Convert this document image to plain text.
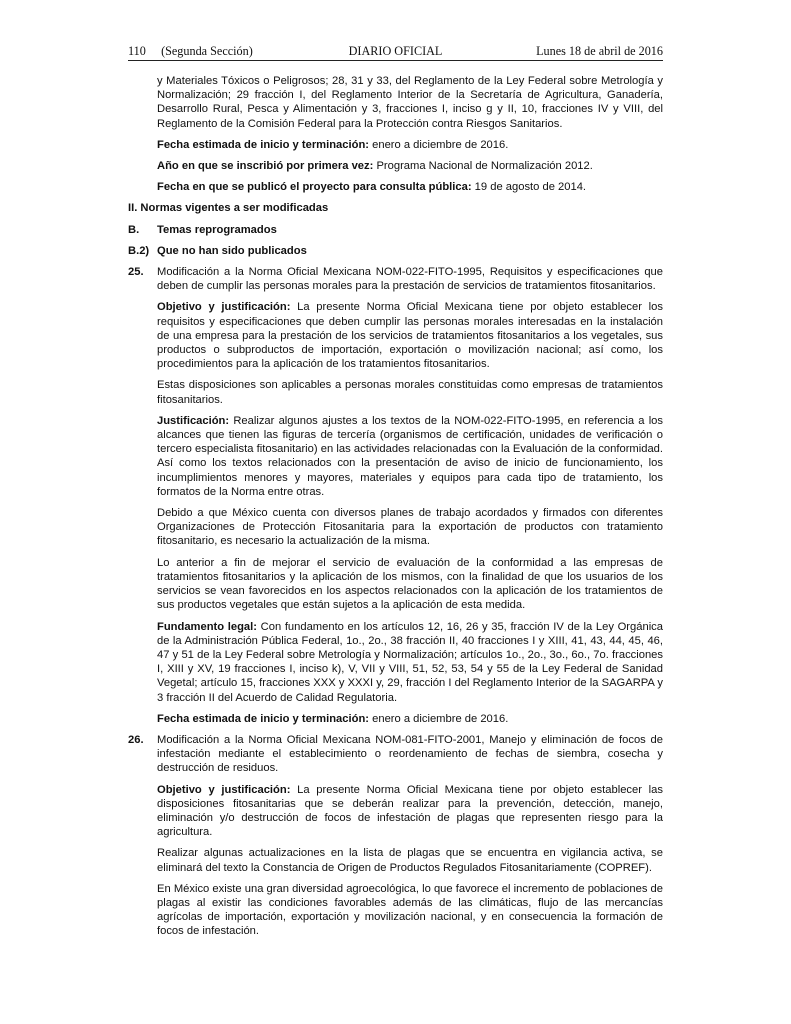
110     (Segunda Sección)	DIARIO OFICIAL	Lunes 18 de abril de 2016

y Materiales Tóxicos o Peligrosos; 28, 31 y 33, del Reglamento de la Ley Federal sobre Metrología y Normalización; 29 fracción I, del Reglamento Interior de la Secretaría de Agricultura, Ganadería, Desarrollo Rural, Pesca y Alimentación y 3, fracciones I, inciso g y II, 10, fracciones IV y VIII, del Reglamento de la Comisión Federal para la Protección contra Riesgos Sanitarios.

Fecha estimada de inicio y terminación: enero a diciembre de 2016.

Año en que se inscribió por primera vez: Programa Nacional de Normalización 2012.

Fecha en que se publicó el proyecto para consulta pública: 19 de agosto de 2014.

II. Normas vigentes a ser modificadas
B.	Temas reprogramados
B.2) Que no han sido publicados
25.	Modificación a la Norma Oficial Mexicana NOM-022-FITO-1995, Requisitos y especificaciones que deben de cumplir las personas morales para la prestación de servicios de tratamientos fitosanitarios.

Objetivo y justificación: La presente Norma Oficial Mexicana tiene por objeto establecer los requisitos y especificaciones que deben cumplir las personas morales interesadas en la instalación de una empresa para la prestación de los servicios de tratamientos fitosanitarios a los vegetales, sus productos o subproductos de importación, exportación o movilización nacional; así como, los procedimientos para la aplicación de los tratamientos fitosanitarios.

Estas disposiciones son aplicables a personas morales constituidas como empresas de tratamientos fitosanitarios.

Justificación: Realizar algunos ajustes a los textos de la NOM-022-FITO-1995, en referencia a los alcances que tienen las figuras de tercería (organismos de certificación, unidades de verificación o tercero especialista fitosanitario) en las actividades relacionadas con la Evaluación de la conformidad. Así como los textos relacionados con la presentación de aviso de inicio de funcionamiento, los incumplimientos menores y mayores, materiales y equipos para cada tipo de tratamiento, los formatos de la Norma entre otras.

Debido a que México cuenta con diversos planes de trabajo acordados y firmados con diferentes Organizaciones de Protección Fitosanitaria para la exportación de productos con tratamiento fitosanitario, es necesario la actualización de la misma.

Lo anterior a fin de mejorar el servicio de evaluación de la conformidad a las empresas de tratamientos fitosanitarios y la aplicación de los mismos, con la finalidad de que los usuarios de los servicios se vean favorecidos en los aspectos relacionados con la aplicación de los tratamientos de sus productos vegetales que están sujetos a la aplicación de esta medida.

Fundamento legal: Con fundamento en los artículos 12, 16, 26 y 35, fracción IV de la Ley Orgánica de la Administración Pública Federal, 1o., 2o., 38 fracción II, 40 fracciones I y XIII, 41, 43, 44, 45, 46, 47 y 51 de la Ley Federal sobre Metrología y Normalización; artículos 1o., 2o., 3o., 6o., 7o. fracciones I, XIII y XV, 19 fracciones I, inciso k), V, VII y VIII, 51, 52, 53, 54 y 55 de la Ley Federal de Sanidad Vegetal; artículo 15, fracciones XXX y XXXI y, 29, fracción I del Reglamento Interior de la SAGARPA y 3 fracción II del Acuerdo de Calidad Regulatoria.

Fecha estimada de inicio y terminación: enero a diciembre de 2016.

26.	Modificación a la Norma Oficial Mexicana NOM-081-FITO-2001, Manejo y eliminación de focos de infestación mediante el establecimiento o reordenamiento de fechas de siembra, cosecha y destrucción de residuos.

Objetivo y justificación: La presente Norma Oficial Mexicana tiene por objeto establecer las disposiciones fitosanitarias que se deberán realizar para la prevención, detección, manejo, eliminación y/o destrucción de focos de infestación de plagas que representen riesgo para la agricultura.

Realizar algunas actualizaciones en la lista de plagas que se encuentra en vigilancia activa, se eliminará del texto la Constancia de Origen de Productos Regulados Fitosanitariamente (COPREF).

En México existe una gran diversidad agroecológica, lo que favorece el incremento de poblaciones de plagas al existir las condiciones favorables además de las climáticas, flujo de las mercancías agrícolas de importación, exportación y movilización nacional, y en consecuencia la formación de focos de infestación.
